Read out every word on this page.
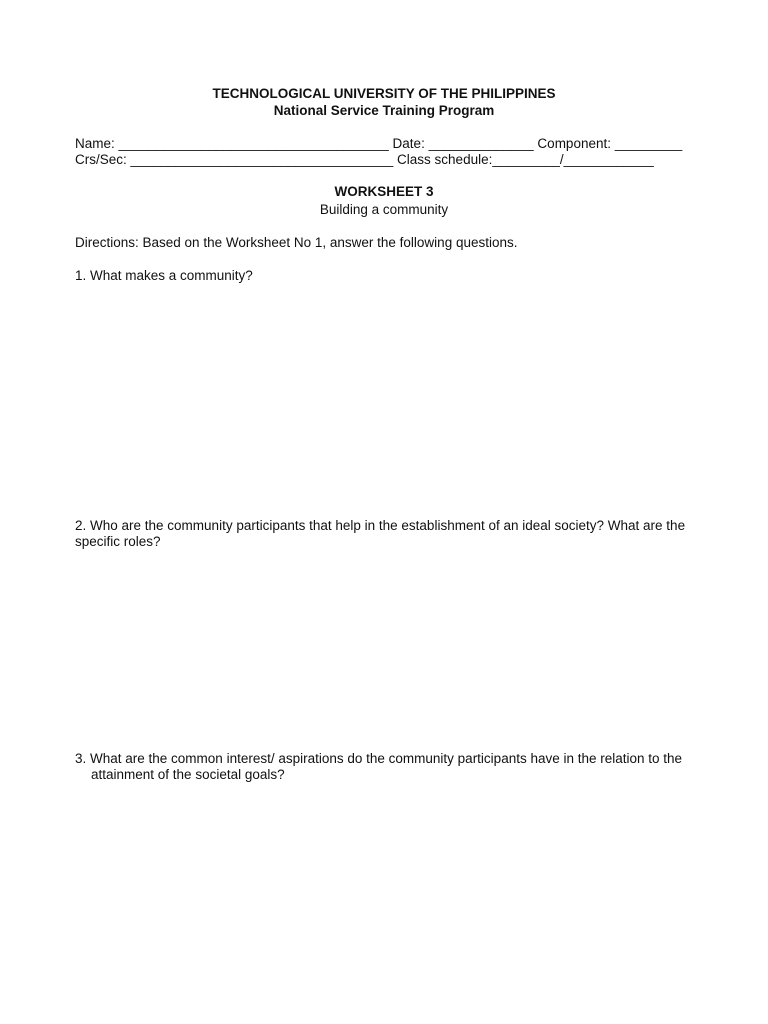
TECHNOLOGICAL UNIVERSITY OF THE PHILIPPINES
National Service Training Program
Name: ____________________________________ Date: ______________ Component: _________
Crs/Sec: ___________________________________ Class schedule:_________/____________
WORKSHEET 3
Building a community
Directions: Based on the Worksheet No 1, answer the following questions.
1. What makes a community?
2. Who are the community participants that help in the establishment of an ideal society? What are the
specific roles?
3. What are the common interest/ aspirations do the community participants have in the relation to the
attainment of the societal goals?
